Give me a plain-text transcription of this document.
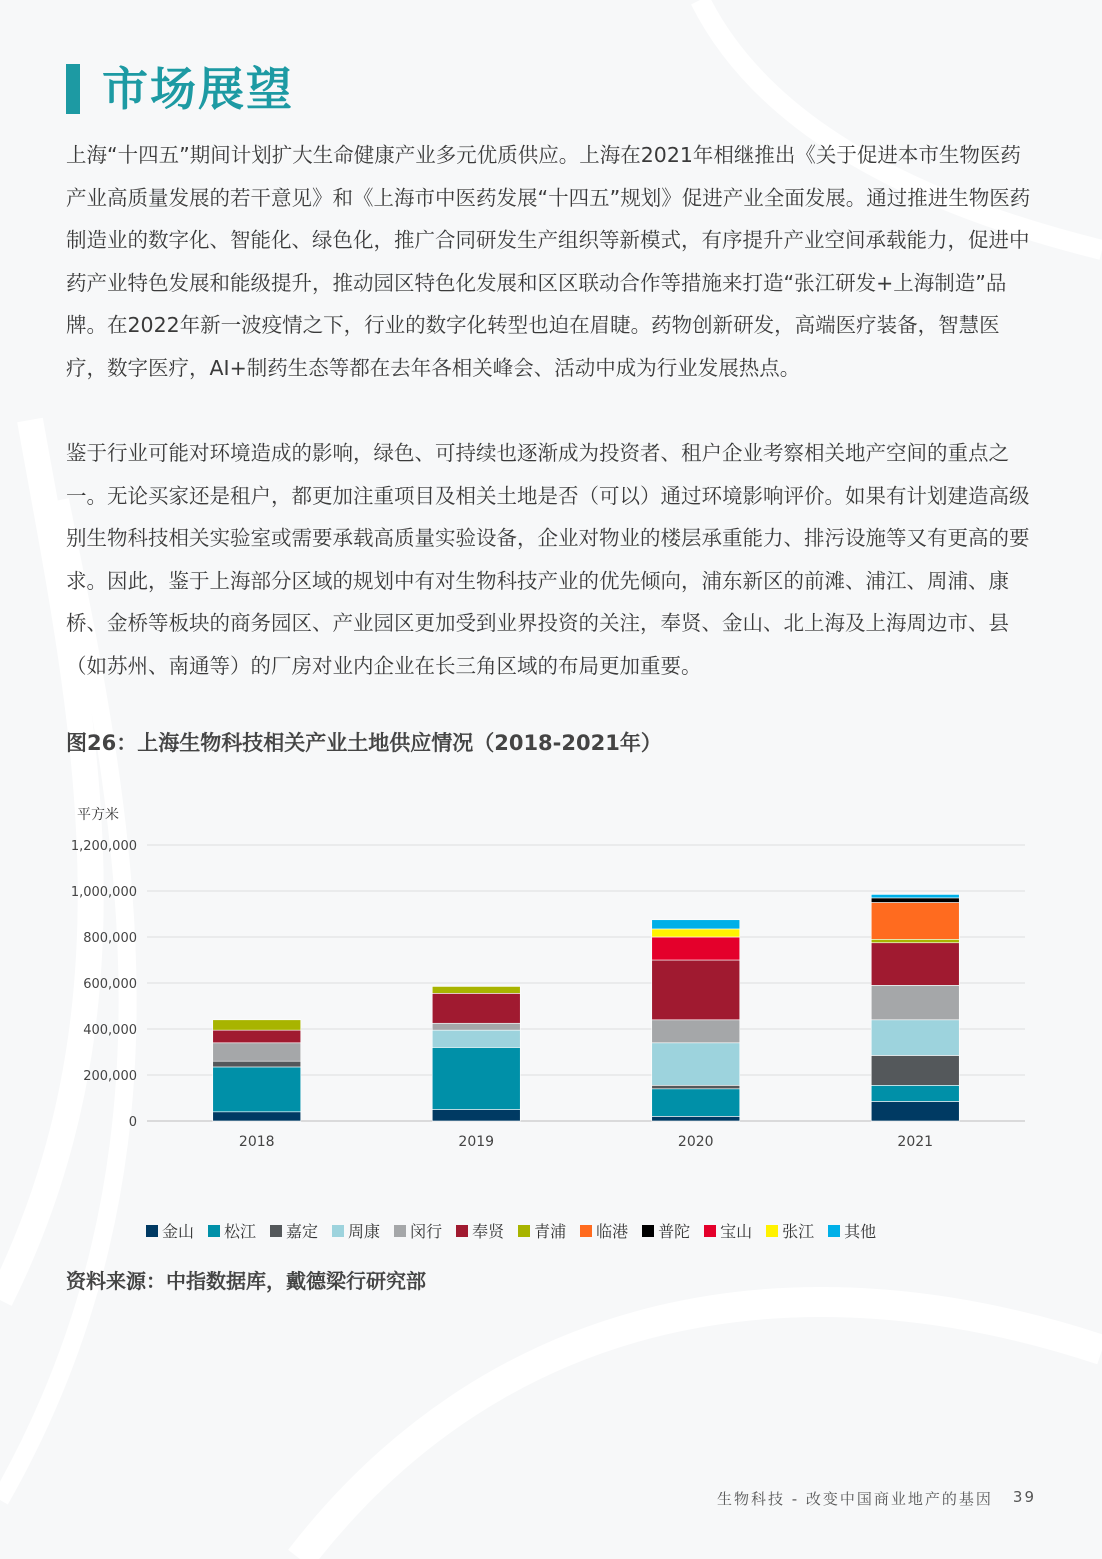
市场展望

上海“十四五”期间计划扩大生命健康产业多元优质供应。上海在2021年相继推出《关于促进本市生物医药产业高质量发展的若干意见》和《上海市中医药发展“十四五”规划》促进产业全面发展。通过推进生物医药制造业的数字化、智能化、绿色化，推广合同研发生产组织等新模式，有序提升产业空间承载能力，促进中药产业特色发展和能级提升，推动园区特色化发展和区区联动合作等措施来打造“张江研发+上海制造”品牌。在2022年新一波疫情之下，行业的数字化转型也迫在眉睫。药物创新研发，高端医疗装备，智慧医疗，数字医疗，AI+制药生态等都在去年各相关峰会、活动中成为行业发展热点。

鉴于行业可能对环境造成的影响，绿色、可持续也逐渐成为投资者、租户企业考察相关地产空间的重点之一。无论买家还是租户，都更加注重项目及相关土地是否（可以）通过环境影响评价。如果有计划建造高级别生物科技相关实验室或需要承载高质量实验设备，企业对物业的楼层承重能力、排污设施等又有更高的要求。因此，鉴于上海部分区域的规划中有对生物科技产业的优先倾向，浦东新区的前滩、浦江、周浦、康桥、金桥等板块的商务园区、产业园区更加受到业界投资的关注，奉贤、金山、北上海及上海周边市、县（如苏州、南通等）的厂房对业内企业在长三角区域的布局更加重要。

图26：上海生物科技相关产业土地供应情况（2018-2021年）
平方米
0
200,000
400,000
600,000
800,000
1,000,000
1,200,000
2018	2019	2020	2021
金山 松江 嘉定 周康 闵行 奉贤 青浦 临港 普陀 宝山 张江 其他
资料来源：中指数据库，戴德梁行研究部
生物科技 - 改变中国商业地产的基因 39
